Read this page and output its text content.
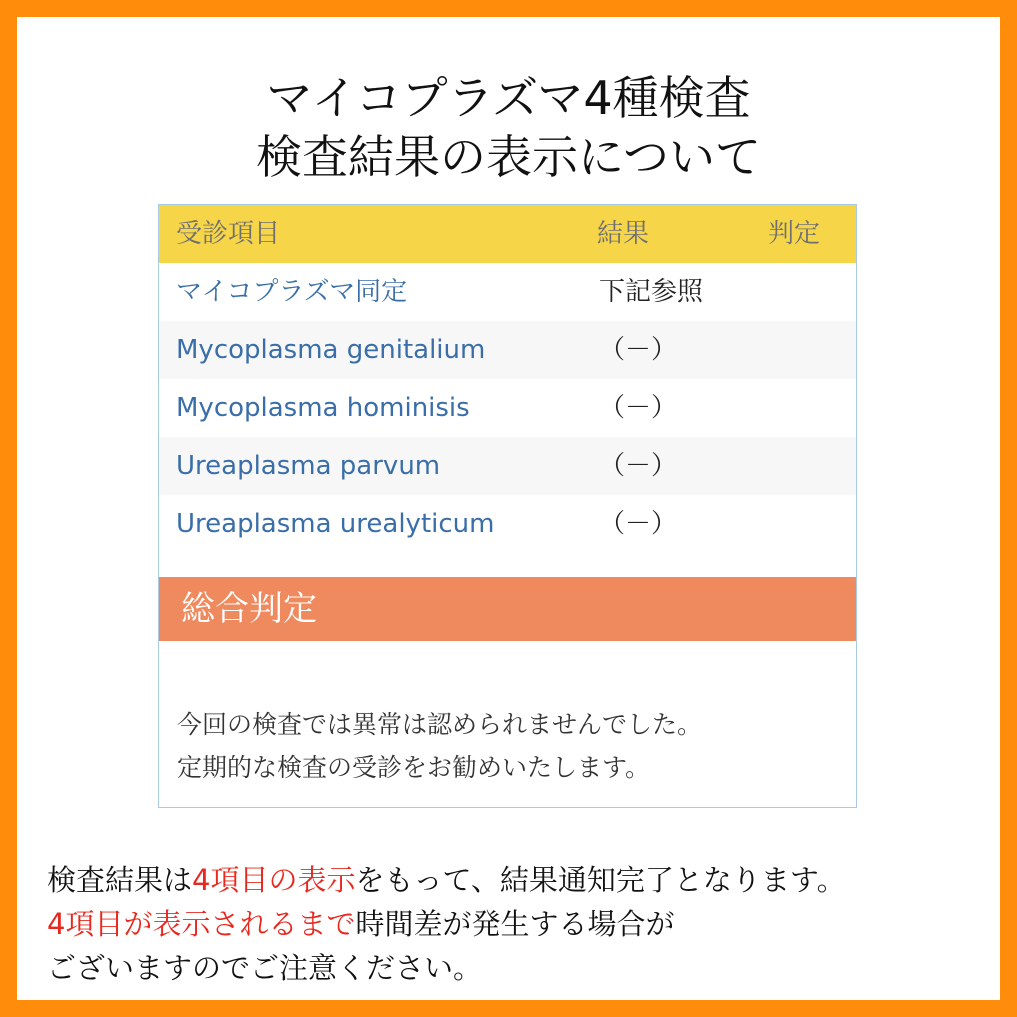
マイコプラズマ4種検査
検査結果の表示について
受診項目	結果	判定
マイコプラズマ同定	下記参照
Mycoplasma genitalium	（－）
Mycoplasma hominisis	（－）
Ureaplasma parvum	（－）
Ureaplasma urealyticum	（－）
総合判定
今回の検査では異常は認められませんでした。
定期的な検査の受診をお勧めいたします。
検査結果は4項目の表示をもって、結果通知完了となります。
4項目が表示されるまで時間差が発生する場合が
ございますのでご注意ください。
